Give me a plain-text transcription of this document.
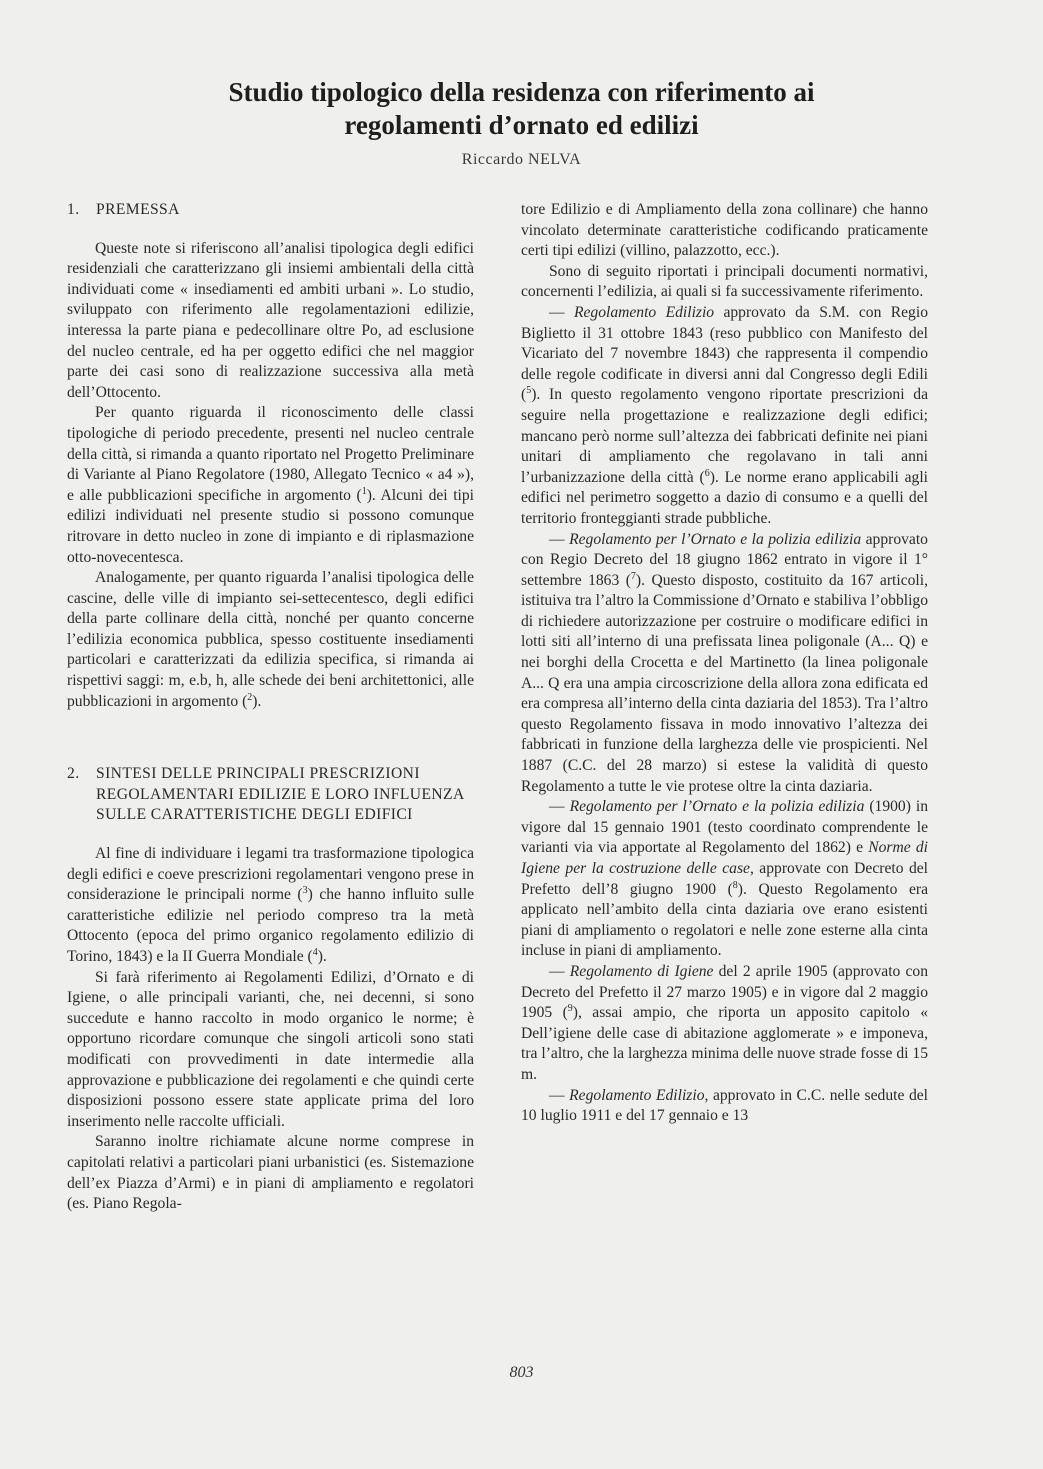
Studio tipologico della residenza con riferimento ai
regolamenti d’ornato ed edilizi
Riccardo NELVA
1.	PREMESSA

Queste note si riferiscono all’analisi tipologica degli edifici residenziali che caratterizzano gli insiemi ambientali della città individuati come « insediamenti ed ambiti urbani ». Lo studio, sviluppato con riferimento alle regolamentazioni edilizie, interessa la parte piana e pedecollinare oltre Po, ad esclusione del nucleo centrale, ed ha per oggetto edifici che nel maggior parte dei casi sono di realizzazione successiva alla metà dell’Ottocento.

Per quanto riguarda il riconoscimento delle classi tipologiche di periodo precedente, presenti nel nucleo centrale della città, si rimanda a quanto riportato nel Progetto Preliminare di Variante al Piano Regolatore (1980, Allegato Tecnico « a4 »), e alle pubblicazioni specifiche in argomento ($^1$). Alcuni dei tipi edilizi individuati nel presente studio si possono comunque ritrovare in detto nucleo in zone di impianto e di riplasmazione otto-novecentesca.

Analogamente, per quanto riguarda l’analisi tipologica delle cascine, delle ville di impianto sei-settecentesco, degli edifici della parte collinare della città, nonché per quanto concerne l’edilizia economica pubblica, spesso costituente insediamenti particolari e caratterizzati da edilizia specifica, si rimanda ai rispettivi saggi: m, e.b, h, alle schede dei beni architettonici, alle pubblicazioni in argomento ($^2$).

2.	SINTESI DELLE PRINCIPALI PRESCRIZIONI REGOLAMENTARI EDILIZIE E LORO INFLUENZA SULLE CARATTERISTICHE DEGLI EDIFICI

Al fine di individuare i legami tra trasformazione tipologica degli edifici e coeve prescrizioni regolamentari vengono prese in considerazione le principali norme ($^3$) che hanno influito sulle caratteristiche edilizie nel periodo compreso tra la metà Ottocento (epoca del primo organico regolamento edilizio di Torino, 1843) e la II Guerra Mondiale ($^4$).

Si farà riferimento ai Regolamenti Edilizi, d’Ornato e di Igiene, o alle principali varianti, che, nei decenni, si sono succedute e hanno raccolto in modo organico le norme; è opportuno ricordare comunque che singoli articoli sono stati modificati con provvedimenti in date intermedie alla approvazione e pubblicazione dei regolamenti e che quindi certe disposizioni possono essere state applicate prima del loro inserimento nelle raccolte ufficiali.

Saranno inoltre richiamate alcune norme comprese in capitolati relativi a particolari piani urbanistici (es. Sistemazione dell’ex Piazza d’Armi) e in piani di ampliamento e regolatori (es. Piano Regola-

tore Edilizio e di Ampliamento della zona collinare) che hanno vincolato determinate caratteristiche codificando praticamente certi tipi edilizi (villino, palazzotto, ecc.).

Sono di seguito riportati i principali documenti normativi, concernenti l’edilizia, ai quali si fa successivamente riferimento.

— Regolamento Edilizio approvato da S.M. con Regio Biglietto il 31 ottobre 1843 (reso pubblico con Manifesto del Vicariato del 7 novembre 1843) che rappresenta il compendio delle regole codificate in diversi anni dal Congresso degli Edili ($^5$). In questo regolamento vengono riportate prescrizioni da seguire nella progettazione e realizzazione degli edifici; mancano però norme sull’altezza dei fabbricati definite nei piani unitari di ampliamento che regolavano in tali anni l’urbanizzazione della città ($^6$). Le norme erano applicabili agli edifici nel perimetro soggetto a dazio di consumo e a quelli del territorio fronteggianti strade pubbliche.

— Regolamento per l’Ornato e la polizia edilizia approvato con Regio Decreto del 18 giugno 1862 entrato in vigore il 1° settembre 1863 ($^7$). Questo disposto, costituito da 167 articoli, istituiva tra l’altro la Commissione d’Ornato e stabiliva l’obbligo di richiedere autorizzazione per costruire o modificare edifici in lotti siti all’interno di una prefissata linea poligonale (A... Q) e nei borghi della Crocetta e del Martinetto (la linea poligonale A... Q era una ampia circoscrizione della allora zona edificata ed era compresa all’interno della cinta daziaria del 1853). Tra l’altro questo Regolamento fissava in modo innovativo l’altezza dei fabbricati in funzione della larghezza delle vie prospicienti. Nel 1887 (C.C. del 28 marzo) si estese la validità di questo Regolamento a tutte le vie protese oltre la cinta daziaria.

— Regolamento per l’Ornato e la polizia edilizia (1900) in vigore dal 15 gennaio 1901 (testo coordinato comprendente le varianti via via apportate al Regolamento del 1862) e Norme di Igiene per la costruzione delle case, approvate con Decreto del Prefetto dell’8 giugno 1900 ($^8$). Questo Regolamento era applicato nell’ambito della cinta daziaria ove erano esistenti piani di ampliamento o regolatori e nelle zone esterne alla cinta incluse in piani di ampliamento.

— Regolamento di Igiene del 2 aprile 1905 (approvato con Decreto del Prefetto il 27 marzo 1905) e in vigore dal 2 maggio 1905 ($^9$), assai ampio, che riporta un apposito capitolo « Dell’igiene delle case di abitazione agglomerate » e imponeva, tra l’altro, che la larghezza minima delle nuove strade fosse di 15 m.

— Regolamento Edilizio, approvato in C.C. nelle sedute del 10 luglio 1911 e del 17 gennaio e 13

803
